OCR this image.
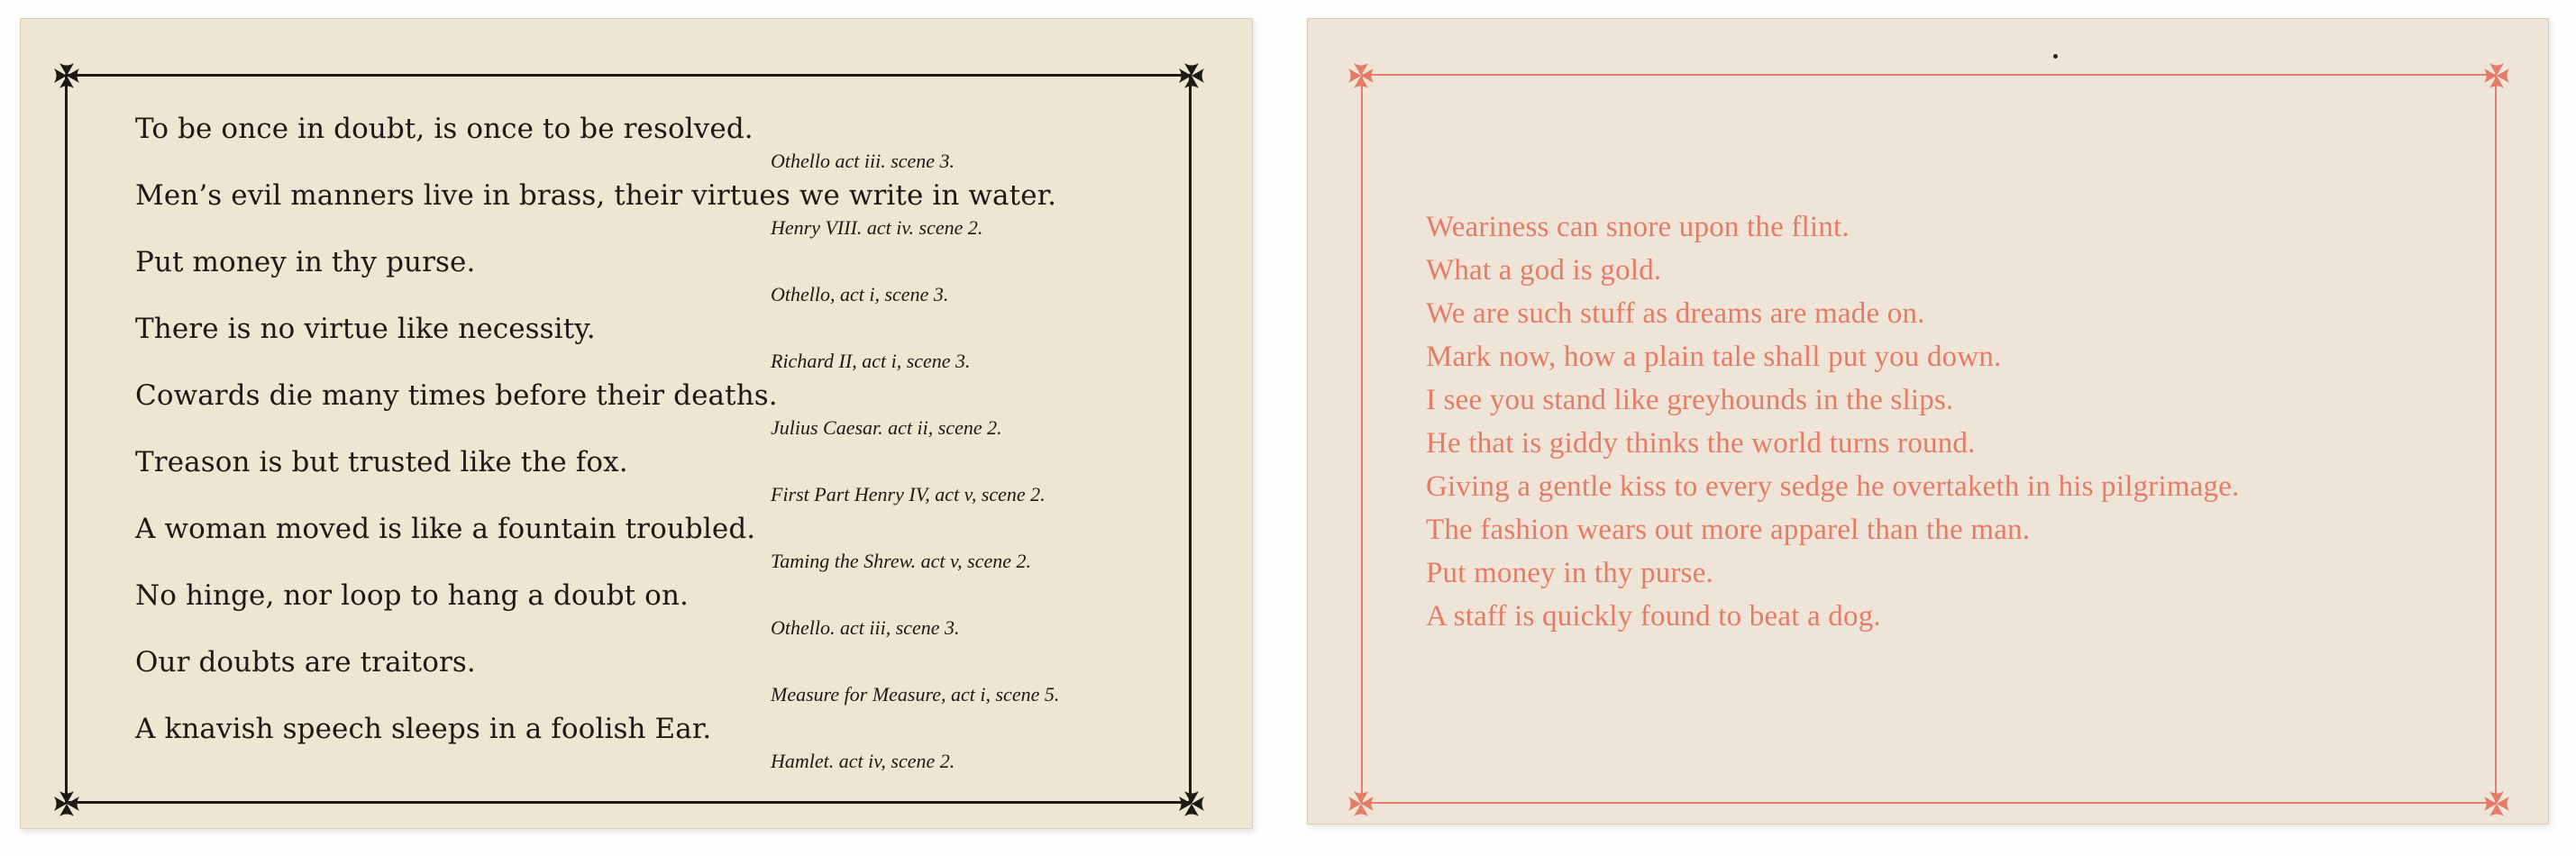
To be once in doubt, is once to be resolved.
Othello act iii. scene 3.
Men’s evil manners live in brass, their virtues we write in water.
Henry VIII. act iv. scene 2.
Put money in thy purse.
Othello, act i, scene 3.
There is no virtue like necessity.
Richard II, act i, scene 3.
Cowards die many times before their deaths.
Julius Caesar. act ii, scene 2.
Treason is but trusted like the fox.
First Part Henry IV, act v, scene 2.
A woman moved is like a fountain troubled.
Taming the Shrew. act v, scene 2.
No hinge, nor loop to hang a doubt on.
Othello. act iii, scene 3.
Our doubts are traitors.
Measure for Measure, act i, scene 5.
A knavish speech sleeps in a foolish Ear.
Hamlet. act iv, scene 2.
Weariness can snore upon the flint.
What a god is gold.
We are such stuff as dreams are made on.
Mark now, how a plain tale shall put you down.
I see you stand like greyhounds in the slips.
He that is giddy thinks the world turns round.
Giving a gentle kiss to every sedge he overtaketh in his pilgrimage.
The fashion wears out more apparel than the man.
Put money in thy purse.
A staff is quickly found to beat a dog.
